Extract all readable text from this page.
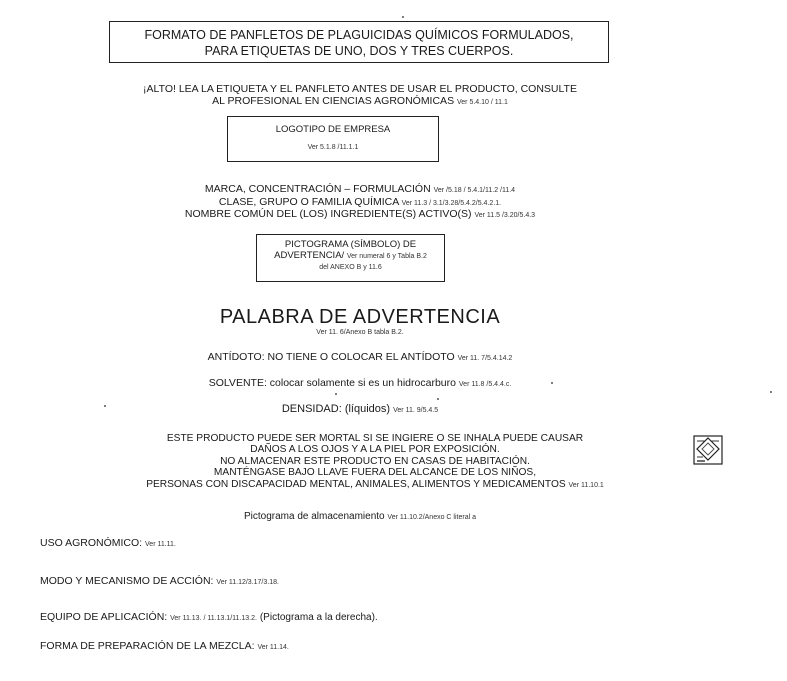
FORMATO DE PANFLETOS DE PLAGUICIDAS QUÍMICOS FORMULADOS,
PARA ETIQUETAS DE UNO, DOS Y TRES CUERPOS.
¡ALTO! LEA LA ETIQUETA Y EL PANFLETO ANTES DE USAR EL PRODUCTO, CONSULTE
AL PROFESIONAL EN CIENCIAS AGRONÓMICAS Ver 5.4.10 / 11.1
LOGOTIPO DE EMPRESA
Ver 5.1.8 /11.1.1
MARCA, CONCENTRACIÓN – FORMULACIÓN Ver /5.18 / 5.4.1/11.2 /11.4
CLASE, GRUPO O FAMILIA QUÍMICA Ver 11.3 / 3.1/3.28/5.4.2/5.4.2.1.
NOMBRE COMÚN DEL (LOS) INGREDIENTE(S) ACTIVO(S) Ver 11.5 /3.20/5.4.3
PICTOGRAMA (SÍMBOLO) DE
ADVERTENCIA/ Ver numeral 6 y Tabla B.2
del ANEXO B y 11.6
PALABRA DE ADVERTENCIA
Ver 11. 6/Anexo B tabla B.2.
ANTÍDOTO: NO TIENE O COLOCAR EL ANTÍDOTO Ver 11. 7/5.4.14.2
SOLVENTE: colocar solamente si es un hidrocarburo Ver 11.8 /5.4.4.c.
DENSIDAD: (líquidos) Ver 11. 9/5.4.5
ESTE PRODUCTO PUEDE SER MORTAL SI SE INGIERE O SE INHALA PUEDE CAUSAR
DAÑOS A LOS OJOS Y A LA PIEL POR EXPOSICIÓN.
NO ALMACENAR ESTE PRODUCTO EN CASAS DE HABITACIÓN.
MANTÉNGASE BAJO LLAVE FUERA DEL ALCANCE DE LOS NIÑOS,
PERSONAS CON DISCAPACIDAD MENTAL, ANIMALES, ALIMENTOS Y MEDICAMENTOS Ver 11.10.1
Pictograma de almacenamiento Ver 11.10.2/Anexo C literal a
USO AGRONÓMICO: Ver 11.11.
MODO Y MECANISMO DE ACCIÓN: Ver 11.12/3.17/3.18.
EQUIPO DE APLICACIÓN: Ver 11.13. / 11.13.1/11.13.2. (Pictograma a la derecha).
FORMA DE PREPARACIÓN DE LA MEZCLA: Ver 11.14.
